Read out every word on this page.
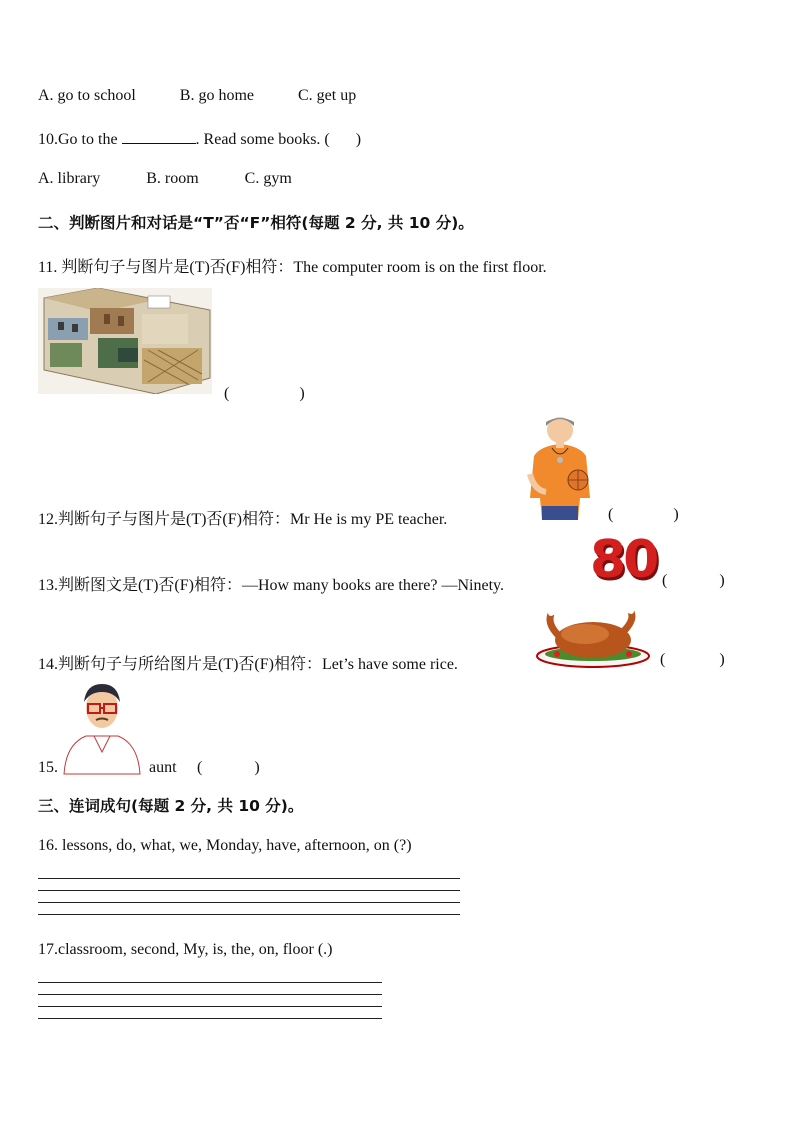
A. go to school	B. go home	C. get up
10.Go to the	. Read some books. ( )
A. library	B. room	C. gym
二、判断图片和对话是“T”否“F”相符(每题 2 分, 共 10 分)。
11. 判断句子与图片是(T)否(F)相符：The computer room is on the first floor.
(	)
12.判断句子与图片是(T)否(F)相符：Mr He is my PE teacher.	(	)
13.判断图文是(T)否(F)相符：—How many books are there? —Ninety. 80 (	)
14.判断句子与所给图片是(T)否(F)相符：Let’s have some rice.	(	)
15.	aunt (	)
三、连词成句(每题 2 分, 共 10 分)。
16. lessons, do, what, we, Monday, have, afternoon, on (?)
17.classroom, second, My, is, the, on, floor (.)
